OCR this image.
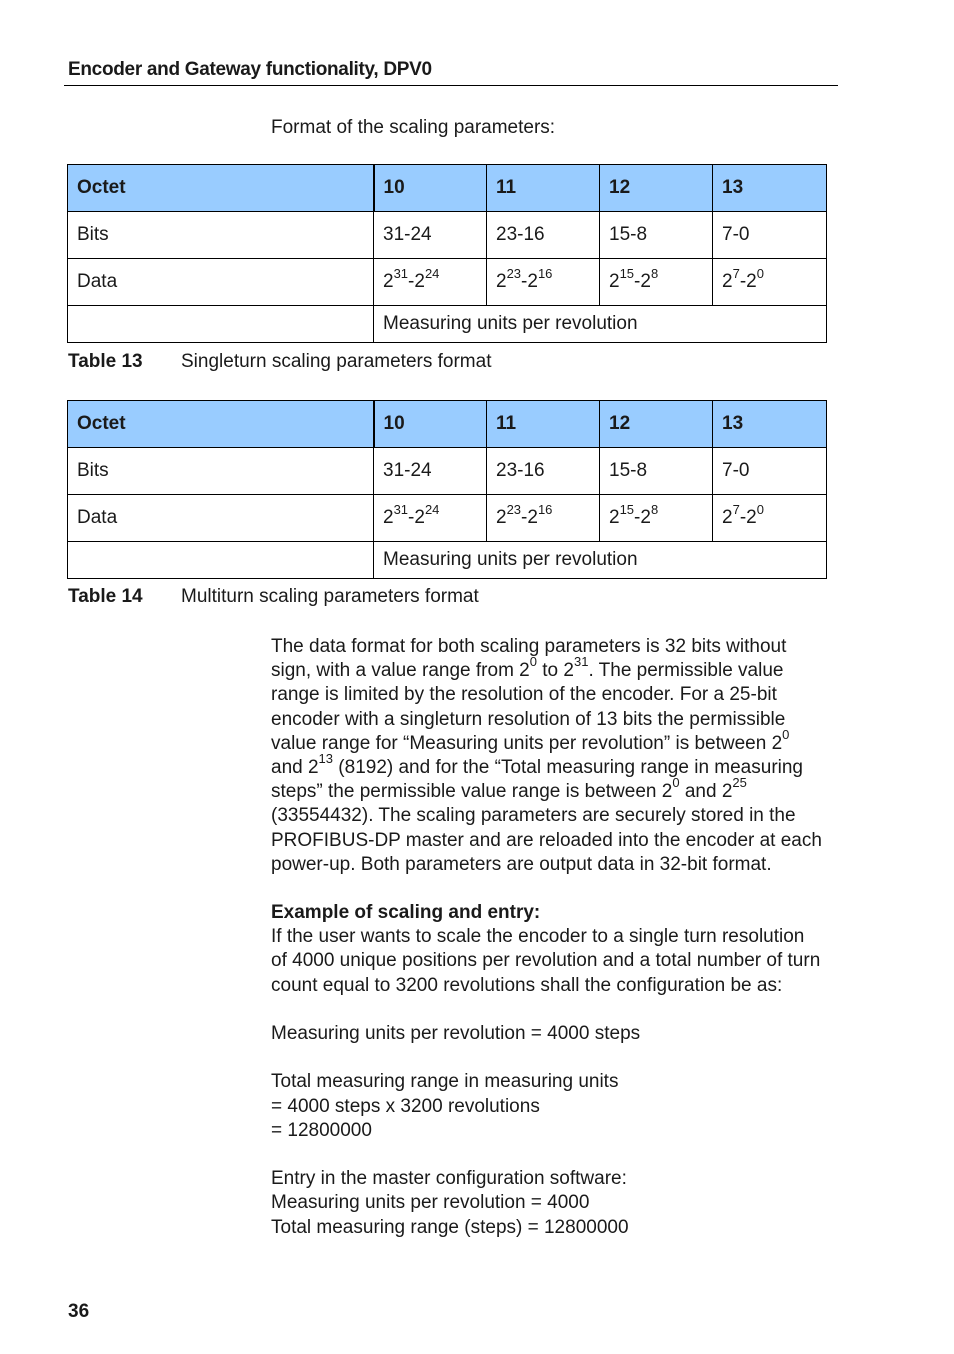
Encoder and Gateway functionality, DPV0
Format of the scaling parameters:
Octet	10	11	12	13
Bits	31-24	23-16	15-8	7-0
Data	$2^{31}-2^{24}$	$2^{23}-2^{16}$	$2^{15}-2^8$	$2^7-2^0$
	Measuring units per revolution			
Table 13 Singleturn scaling parameters format
Octet	10	11	12	13
Bits	31-24	23-16	15-8	7-0
Data	$2^{31}-2^{24}$	$2^{23}-2^{16}$	$2^{15}-2^8$	$2^7-2^0$
	Measuring units per revolution			
Table 14 Multiturn scaling parameters format
The data format for both scaling parameters is 32 bits without
sign, with a value range from $2^0$ to $2^{31}$. The permissible value
range is limited by the resolution of the encoder. For a 25-bit
encoder with a singleturn resolution of 13 bits the permissible
value range for “Measuring units per revolution” is between $2^0$
and $2^{13}$ (8192) and for the “Total measuring range in measuring
steps” the permissible value range is between $2^0$ and $2^{25}$
(33554432). The scaling parameters are securely stored in the
PROFIBUS-DP master and are reloaded into the encoder at each
power-up. Both parameters are output data in 32-bit format.
Example of scaling and entry:
If the user wants to scale the encoder to a single turn resolution
of 4000 unique positions per revolution and a total number of turn
count equal to 3200 revolutions shall the configuration be as:
Measuring units per revolution = 4000 steps
Total measuring range in measuring units
= 4000 steps x 3200 revolutions
= 12800000
Entry in the master configuration software:
Measuring units per revolution = 4000
Total measuring range (steps) = 12800000
36
